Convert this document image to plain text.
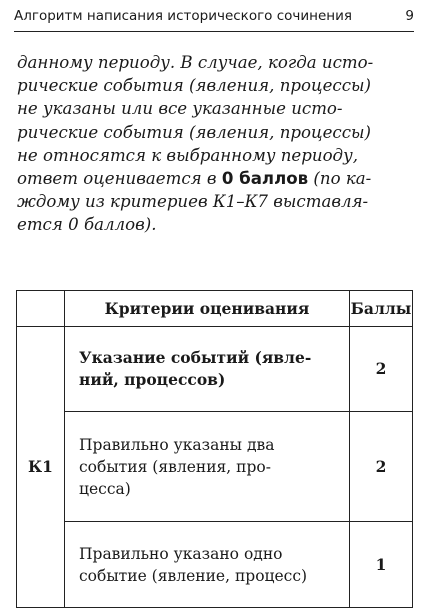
Алгоритм написания исторического сочинения	9

данному периоду. В случае, когда исто-
рические события (явления, процессы)
не указаны или все указанные исто-
рические события (явления, процессы)
не относятся к выбранному периоду,
ответ оценивается в 0 баллов (по ка-
ждому из критериев К1–К7 выставля-
ется 0 баллов).

	Критерии оценивания	Баллы
К1	Указание событий (явле-
ний, процессов)	2

	Правильно указаны два
события (явления, про-
цесса)	2

	Правильно указано одно
событие (явление, процесс)	1
